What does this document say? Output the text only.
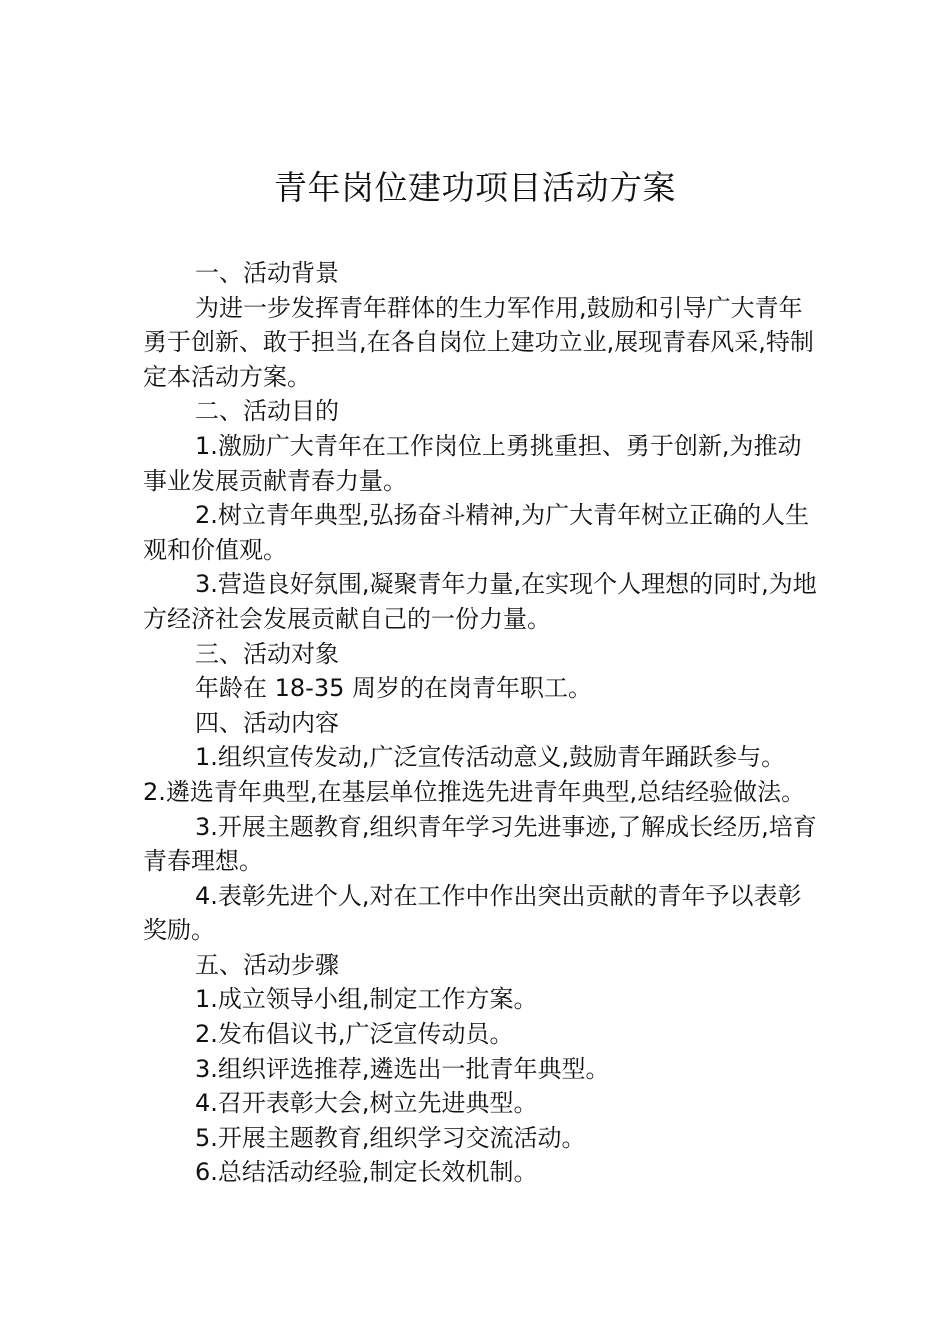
青年岗位建功项目活动方案

一、活动背景

为进一步发挥青年群体的生力军作用,鼓励和引导广大青年勇于创新、敢于担当,在各自岗位上建功立业,展现青春风采,特制定本活动方案。

二、活动目的

1.激励广大青年在工作岗位上勇挑重担、勇于创新,为推动事业发展贡献青春力量。

2.树立青年典型,弘扬奋斗精神,为广大青年树立正确的人生观和价值观。

3.营造良好氛围,凝聚青年力量,在实现个人理想的同时,为地方经济社会发展贡献自己的一份力量。

三、活动对象

年龄在 18-35 周岁的在岗青年职工。

四、活动内容

1.组织宣传发动,广泛宣传活动意义,鼓励青年踊跃参与。

2.遴选青年典型,在基层单位推选先进青年典型,总结经验做法。

3.开展主题教育,组织青年学习先进事迹,了解成长经历,培育青春理想。

4.表彰先进个人,对在工作中作出突出贡献的青年予以表彰奖励。

五、活动步骤

1.成立领导小组,制定工作方案。

2.发布倡议书,广泛宣传动员。

3.组织评选推荐,遴选出一批青年典型。

4.召开表彰大会,树立先进典型。

5.开展主题教育,组织学习交流活动。

6.总结活动经验,制定长效机制。
